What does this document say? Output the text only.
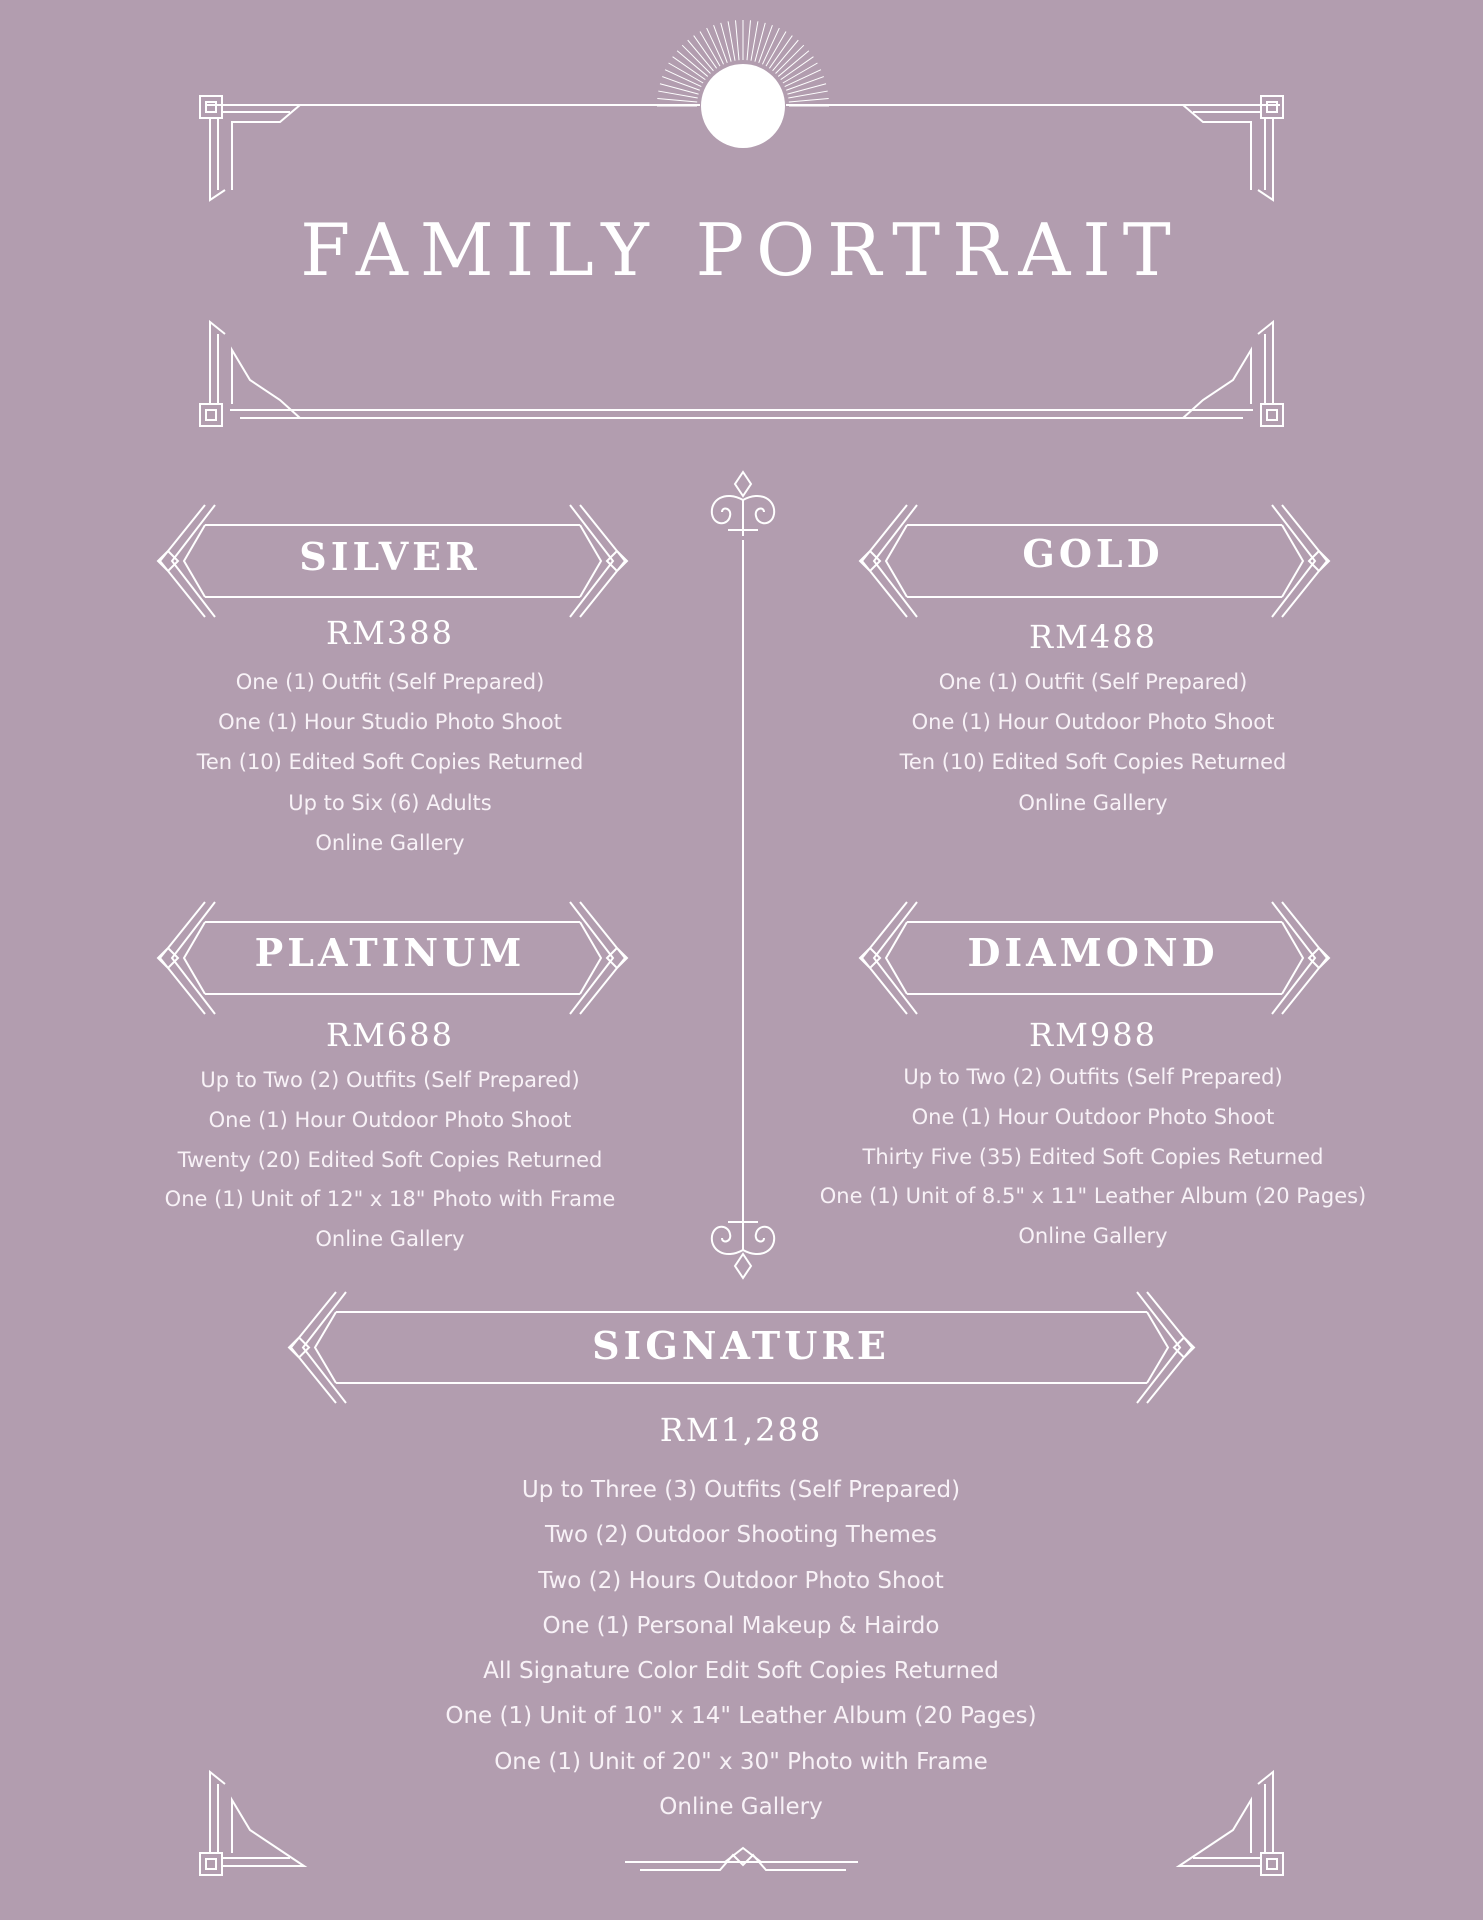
FAMILY PORTRAIT
SILVER
RM388
One (1) Outfit (Self Prepared)
One (1) Hour Studio Photo Shoot
Ten (10) Edited Soft Copies Returned
Up to Six (6) Adults
Online Gallery
GOLD
RM488
One (1) Outfit (Self Prepared)
One (1) Hour Outdoor Photo Shoot
Ten (10) Edited Soft Copies Returned
Online Gallery
PLATINUM
RM688
Up to Two (2) Outfits (Self Prepared)
One (1) Hour Outdoor Photo Shoot
Twenty (20) Edited Soft Copies Returned
One (1) Unit of 12" x 18" Photo with Frame
Online Gallery
DIAMOND
RM988
Up to Two (2) Outfits (Self Prepared)
One (1) Hour Outdoor Photo Shoot
Thirty Five (35) Edited Soft Copies Returned
One (1) Unit of 8.5" x 11" Leather Album (20 Pages)
Online Gallery
SIGNATURE
RM1,288
Up to Three (3) Outfits (Self Prepared)
Two (2) Outdoor Shooting Themes
Two (2) Hours Outdoor Photo Shoot
One (1) Personal Makeup & Hairdo
All Signature Color Edit Soft Copies Returned
One (1) Unit of 10" x 14" Leather Album (20 Pages)
One (1) Unit of 20" x 30" Photo with Frame
Online Gallery
